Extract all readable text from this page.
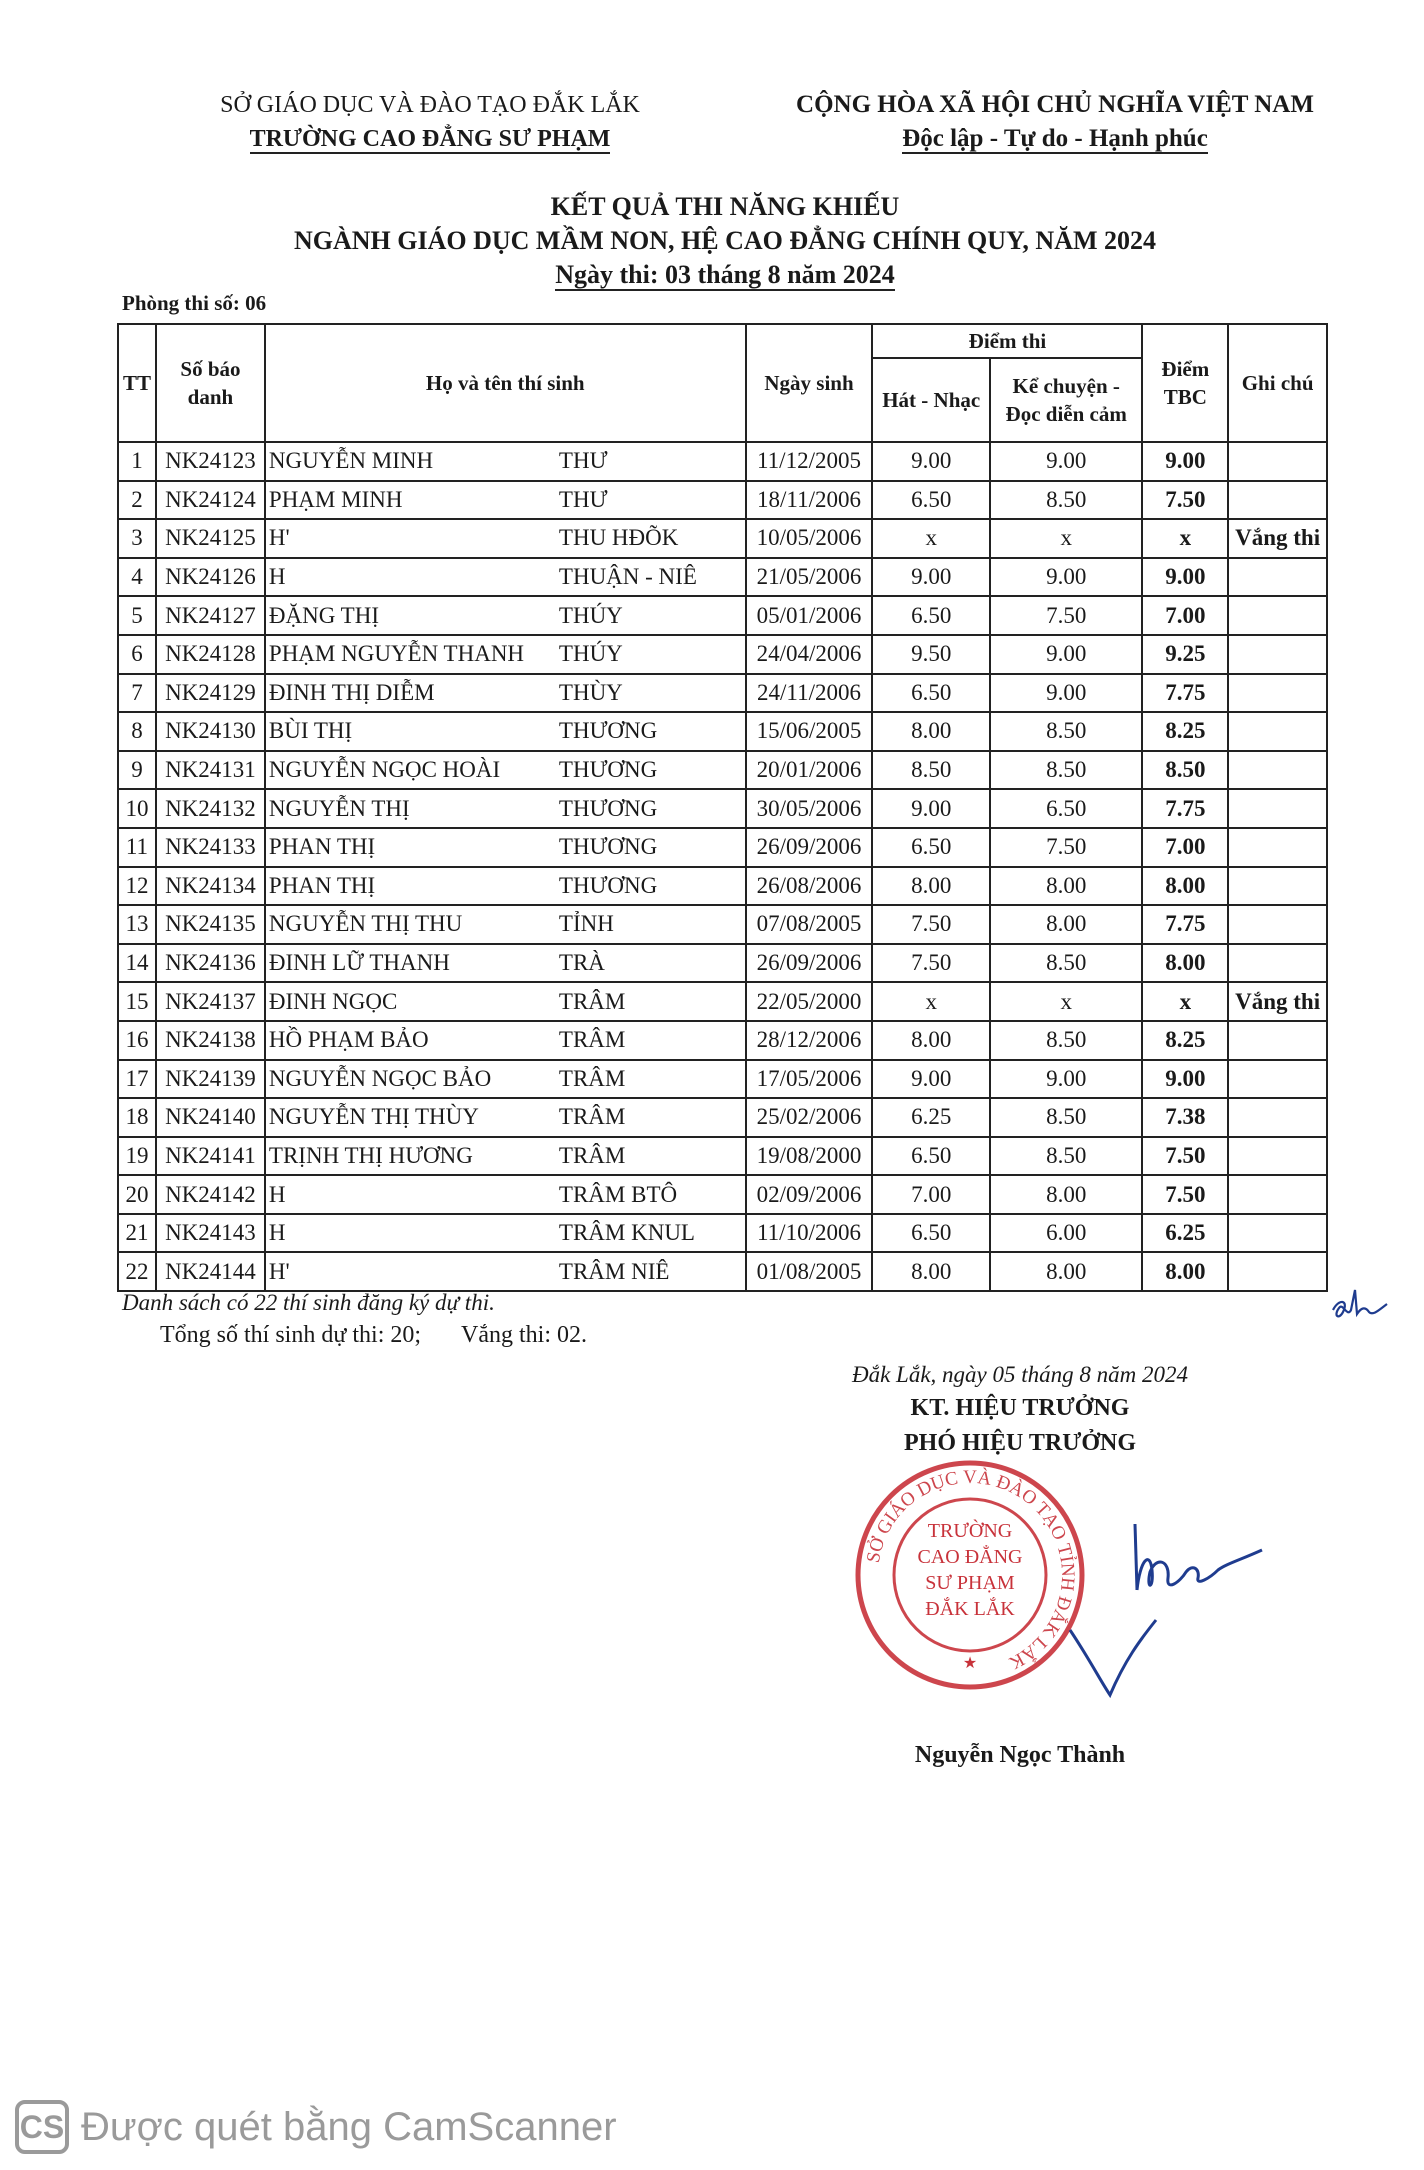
SỞ GIÁO DỤC VÀ ĐÀO TẠO ĐẮK LẮK
TRƯỜNG CAO ĐẲNG SƯ PHẠM
CỘNG HÒA XÃ HỘI CHỦ NGHĨA VIỆT NAM
Độc lập - Tự do - Hạnh phúc
KẾT QUẢ THI NĂNG KHIẾU
NGÀNH GIÁO DỤC MẦM NON, HỆ CAO ĐẲNG CHÍNH QUY, NĂM 2024
Ngày thi: 03 tháng 8 năm 2024
Phòng thi số: 06
TT	Số báo danh	Họ và tên thí sinh	Ngày sinh	Điểm thi		Điểm TBC	Ghi chú
				Hát - Nhạc	Kể chuyện - Đọc diễn cảm		
1	NK24123	NGUYỄN MINH THƯ	11/12/2005	9.00	9.00	9.00	
2	NK24124	PHẠM MINH THƯ	18/11/2006	6.50	8.50	7.50	
3	NK24125	H' THU HĐÕK	10/05/2006	x	x	x	Vắng thi
4	NK24126	H THUẬN - NIÊ	21/05/2006	9.00	9.00	9.00	
5	NK24127	ĐẶNG THỊ THÚY	05/01/2006	6.50	7.50	7.00	
6	NK24128	PHẠM NGUYỄN THANH THÚY	24/04/2006	9.50	9.00	9.25	
7	NK24129	ĐINH THỊ DIỄM THÙY	24/11/2006	6.50	9.00	7.75	
8	NK24130	BÙI THỊ THƯƠNG	15/06/2005	8.00	8.50	8.25	
9	NK24131	NGUYỄN NGỌC HOÀI THƯƠNG	20/01/2006	8.50	8.50	8.50	
10	NK24132	NGUYỄN THỊ THƯƠNG	30/05/2006	9.00	6.50	7.75	
11	NK24133	PHAN THỊ THƯƠNG	26/09/2006	6.50	7.50	7.00	
12	NK24134	PHAN THỊ THƯƠNG	26/08/2006	8.00	8.00	8.00	
13	NK24135	NGUYỄN THỊ THU TỈNH	07/08/2005	7.50	8.00	7.75	
14	NK24136	ĐINH LỮ THANH TRÀ	26/09/2006	7.50	8.50	8.00	
15	NK24137	ĐINH NGỌC TRÂM	22/05/2000	x	x	x	Vắng thi
16	NK24138	HỒ PHẠM BẢO TRÂM	28/12/2006	8.00	8.50	8.25	
17	NK24139	NGUYỄN NGỌC BẢO TRÂM	17/05/2006	9.00	9.00	9.00	
18	NK24140	NGUYỄN THỊ THÙY TRÂM	25/02/2006	6.25	8.50	7.38	
19	NK24141	TRỊNH THỊ HƯƠNG TRÂM	19/08/2000	6.50	8.50	7.50	
20	NK24142	H TRÂM BTÔ	02/09/2006	7.00	8.00	7.50	
21	NK24143	H TRÂM KNUL	11/10/2006	6.50	6.00	6.25	
22	NK24144	H' TRÂM NIÊ	01/08/2005	8.00	8.00	8.00	
Danh sách có 22 thí sinh đăng ký dự thi.
Tổng số thí sinh dự thi: 20; Vắng thi: 02.
Đắk Lắk, ngày 05 tháng 8 năm 2024
KT. HIỆU TRƯỞNG
PHÓ HIỆU TRƯỞNG
SỞ GIÁO DỤC VÀ ĐÀO TẠO TỈNH ĐẮK LẮK
TRƯỜNG
CAO ĐẲNG
SƯ PHẠM
ĐẮK LẮK
★
Nguyễn Ngọc Thành
CS Được quét bằng CamScanner
